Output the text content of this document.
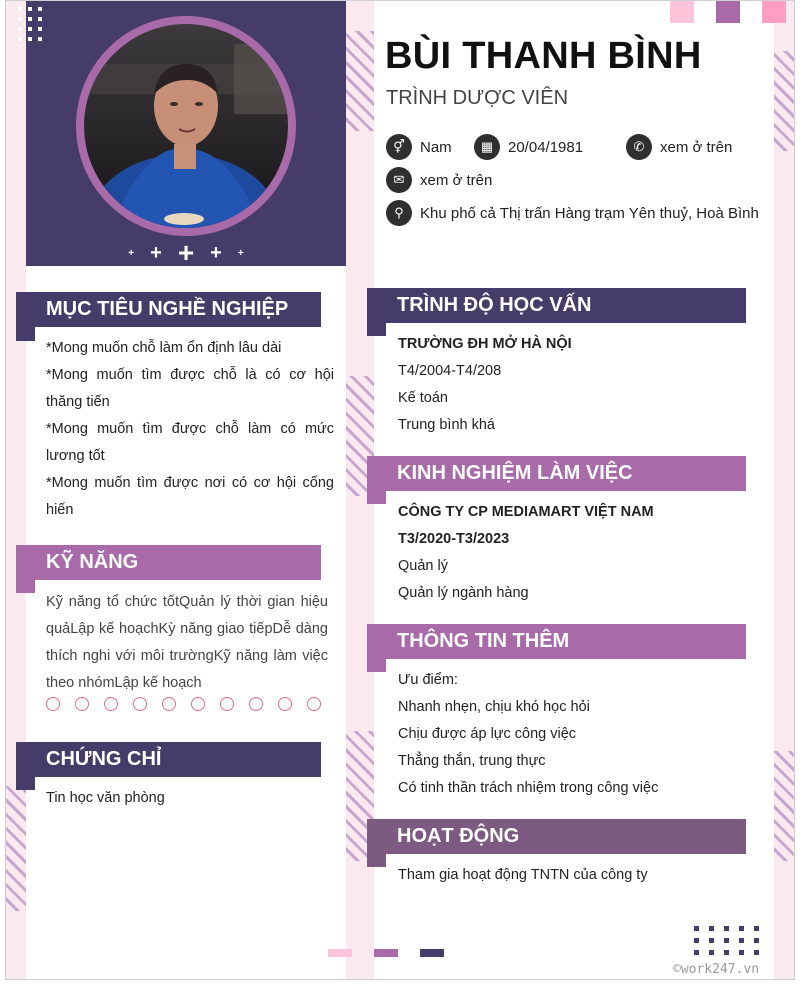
+ + + + +
BÙI THANH BÌNH
TRÌNH DƯỢC VIÊN
⚥	Nam	▦ 20/04/1981	✆	xem ở trên
✉	xem ở trên
⚲	Khu phố cả Thị trấn Hàng trạm Yên thuỷ, Hoà Bình
MỤC TIÊU NGHỀ NGHIỆP

*Mong muốn chỗ làm ổn định lâu dài

*Mong muốn tìm được chỗ là có cơ hội thăng tiến

*Mong muốn tìm được chỗ làm có mức lương tốt

*Mong muốn tìm được nơi có cơ hội cống hiến

KỸ NĂNG
Kỹ năng tổ chức tốtQuản lý thời gian hiệu quảLập kế hoạchKỳ năng giao tiếpDễ dàng thích nghi với môi trườngKỹ năng làm việc theo nhómLập kế hoạch
CHỨNG CHỈ

Tin học văn phòng

TRÌNH ĐỘ HỌC VẤN

TRƯỜNG ĐH MỞ HÀ NỘI

T4/2004-T4/208

Kế toán

Trung bình khá

KINH NGHIỆM LÀM VIỆC

CÔNG TY CP MEDIAMART VIỆT NAM

T3/2020-T3/2023

Quản lý

Quản lý ngành hàng

THÔNG TIN THÊM

Ưu điểm:

Nhanh nhẹn, chịu khó học hỏi

Chịu được áp lực công việc

Thẳng thắn, trung thực

Có tinh thần trách nhiệm trong công việc

HOẠT ĐỘNG

Tham gia hoạt động TNTN của công ty

©work247.vn
